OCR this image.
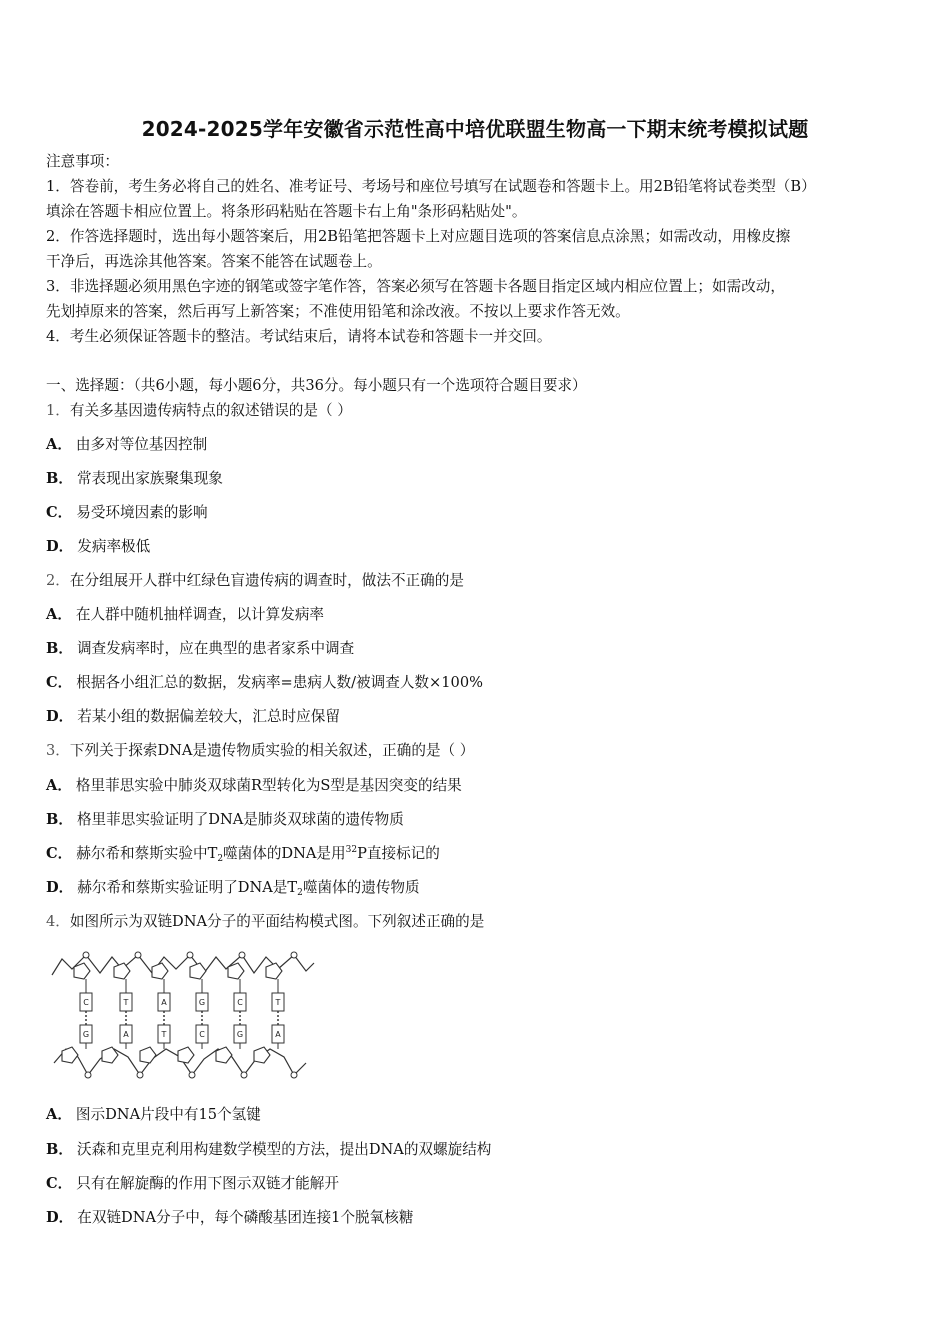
2024-2025学年安徽省示范性高中培优联盟生物高一下期末统考模拟试题
注意事项：
1．答卷前，考生务必将自己的姓名、准考证号、考场号和座位号填写在试题卷和答题卡上。用2B铅笔将试卷类型（B）
填涂在答题卡相应位置上。将条形码粘贴在答题卡右上角"条形码粘贴处"。
2．作答选择题时，选出每小题答案后，用2B铅笔把答题卡上对应题目选项的答案信息点涂黑；如需改动，用橡皮擦
干净后，再选涂其他答案。答案不能答在试题卷上。
3．非选择题必须用黑色字迹的钢笔或签字笔作答，答案必须写在答题卡各题目指定区域内相应位置上；如需改动，
先划掉原来的答案，然后再写上新答案；不准使用铅笔和涂改液。不按以上要求作答无效。
4．考生必须保证答题卡的整洁。考试结束后，请将本试卷和答题卡一并交回。
一、选择题：（共6小题，每小题6分，共36分。每小题只有一个选项符合题目要求）
1．有关多基因遗传病特点的叙述错误的是（ ）
A． 由多对等位基因控制
B． 常表现出家族聚集现象
C． 易受环境因素的影响
D． 发病率极低
2．在分组展开人群中红绿色盲遗传病的调查时，做法不正确的是
A． 在人群中随机抽样调查，以计算发病率
B． 调查发病率时，应在典型的患者家系中调查
C． 根据各小组汇总的数据，发病率=患病人数/被调查人数×100%
D． 若某小组的数据偏差较大，汇总时应保留
3．下列关于探索DNA是遗传物质实验的相关叙述，正确的是（ ）
A． 格里菲思实验中肺炎双球菌R型转化为S型是基因突变的结果
B． 格里菲思实验证明了DNA是肺炎双球菌的遗传物质
C． 赫尔希和蔡斯实验中$T_2$噬菌体的DNA是用$^{32}$P直接标记的
D． 赫尔希和蔡斯实验证明了DNA是$T_2$噬菌体的遗传物质
4．如图所示为双链DNA分子的平面结构模式图。下列叙述正确的是
C	T	A	G	C	T
G	A	T	C	G	A
A． 图示DNA片段中有15个氢键
B． 沃森和克里克利用构建数学模型的方法，提出DNA的双螺旋结构
C． 只有在解旋酶的作用下图示双链才能解开
D． 在双链DNA分子中，每个磷酸基团连接1个脱氧核糖
